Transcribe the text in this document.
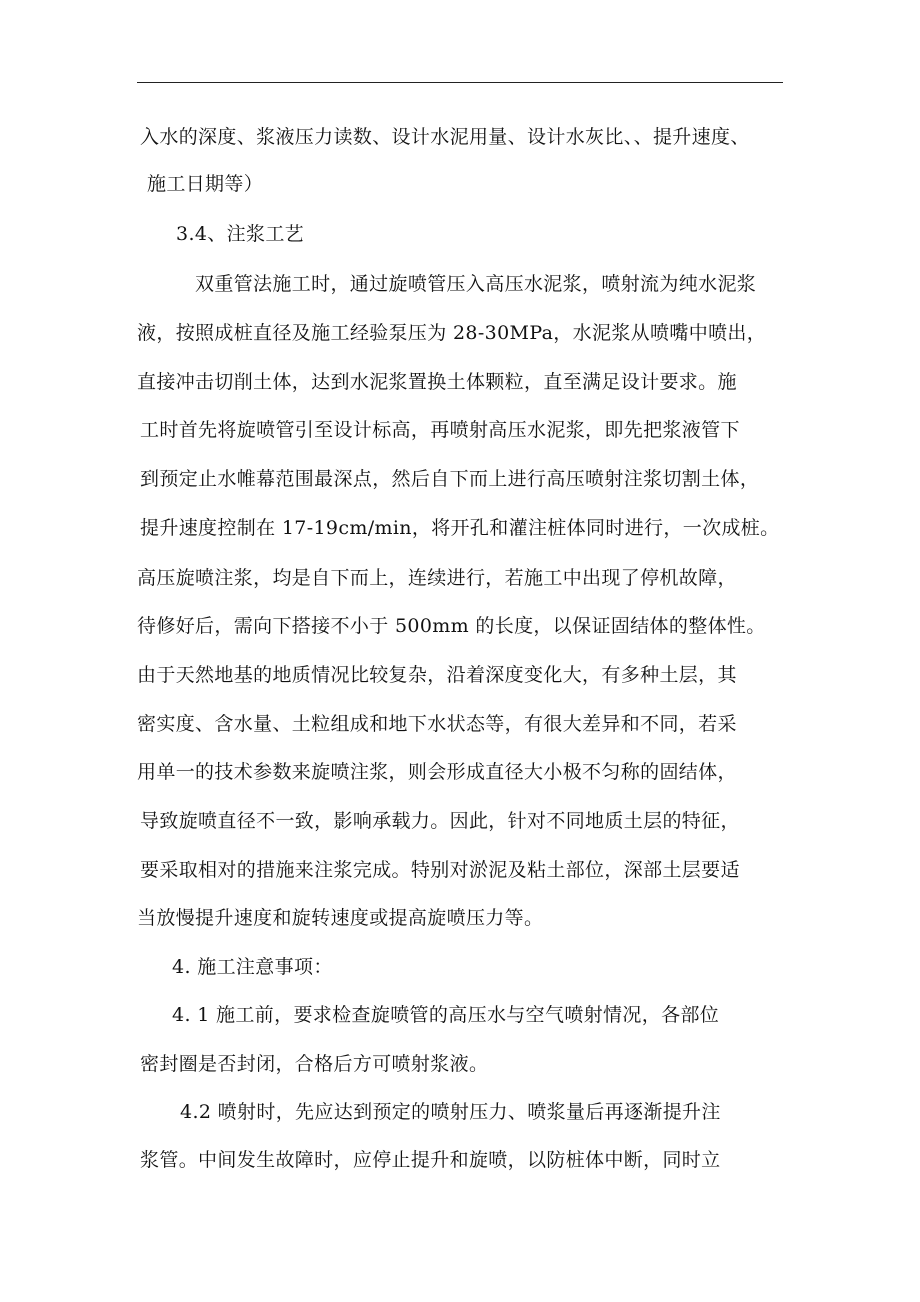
入水的深度、浆液压力读数、设计水泥用量、设计水灰比、、提升速度、
施工日期等）
3.4、注浆工艺
双重管法施工时，通过旋喷管压入高压水泥浆，喷射流为纯水泥浆
液，按照成桩直径及施工经验泵压为 28-30MPa，水泥浆从喷嘴中喷出，
直接冲击切削土体，达到水泥浆置换土体颗粒，直至满足设计要求。施
工时首先将旋喷管引至设计标高，再喷射高压水泥浆，即先把浆液管下
到预定止水帷幕范围最深点，然后自下而上进行高压喷射注浆切割土体，
提升速度控制在 17-19cm/min，将开孔和灌注桩体同时进行，一次成桩。
高压旋喷注浆，均是自下而上，连续进行，若施工中出现了停机故障，
待修好后，需向下搭接不小于 500mm 的长度，以保证固结体的整体性。
由于天然地基的地质情况比较复杂，沿着深度变化大，有多种土层，其
密实度、含水量、土粒组成和地下水状态等，有很大差异和不同，若采
用单一的技术参数来旋喷注浆，则会形成直径大小极不匀称的固结体，
导致旋喷直径不一致，影响承载力。因此，针对不同地质土层的特征，
要采取相对的措施来注浆完成。特别对淤泥及粘土部位，深部土层要适
当放慢提升速度和旋转速度或提高旋喷压力等。
4. 施工注意事项：
4. 1 施工前，要求检查旋喷管的高压水与空气喷射情况，各部位
密封圈是否封闭，合格后方可喷射浆液。
4.2 喷射时，先应达到预定的喷射压力、喷浆量后再逐渐提升注
浆管。中间发生故障时，应停止提升和旋喷，以防桩体中断，同时立
